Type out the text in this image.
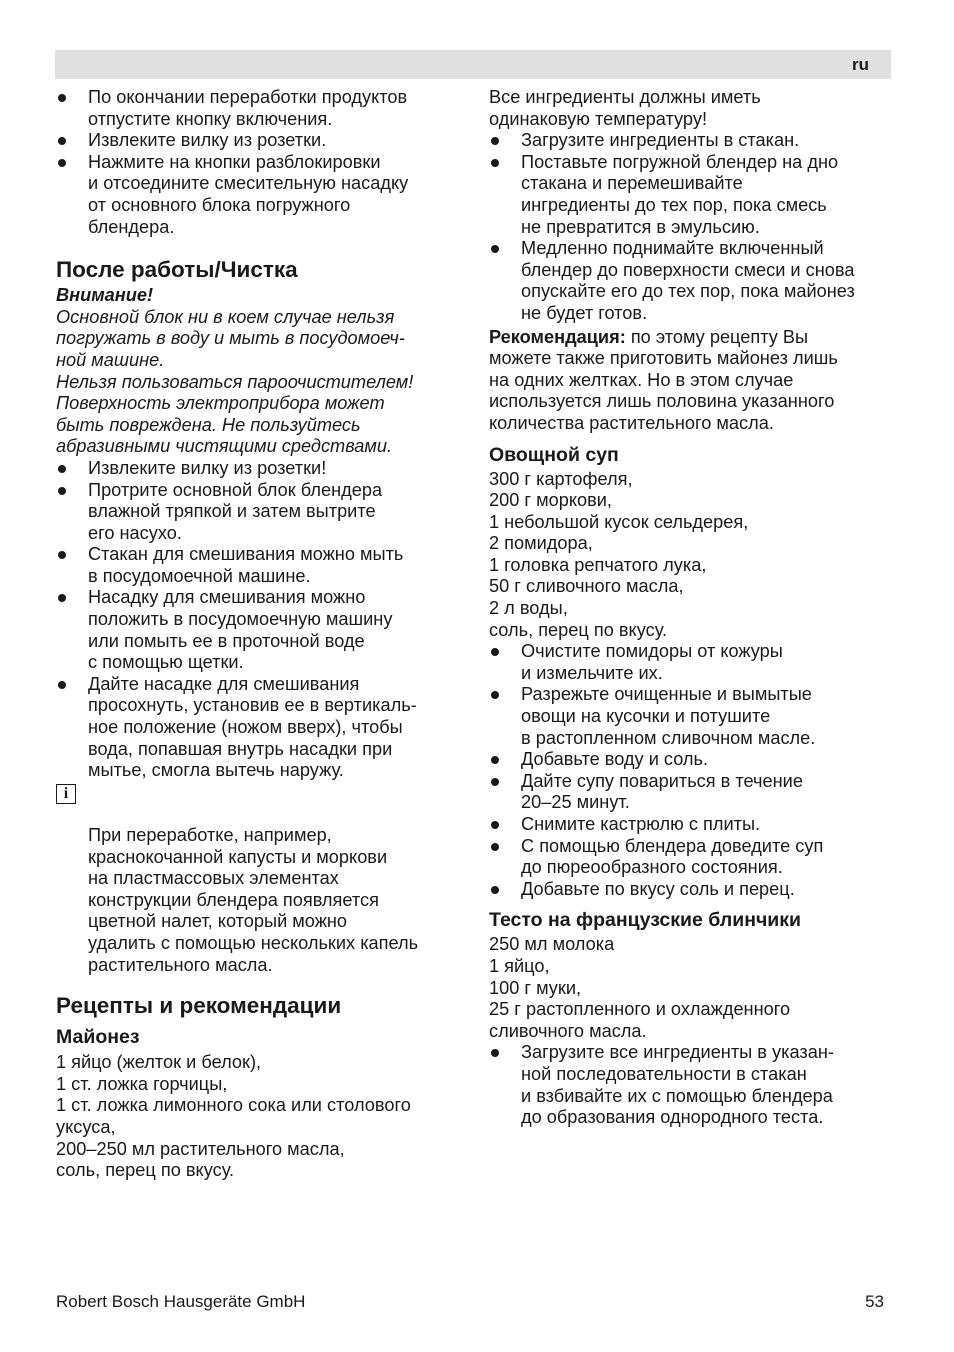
ru
По окончании переработки продуктов
отпустите кнопку включения.
Извлеките вилку из розетки.
Нажмите на кнопки разблокировки
и отсоедините смесительную насадку
от основного блока погружного
блендера.
После работы/Чистка

Внимание!

Основной блок ни в коем случае нельзя
погружать в воду и мыть в посудомоеч-
ной машине.

Нельзя пользоваться пароочистителем!

Поверхность электроприбора может
быть повреждена. Не пользуйтесь
абразивными чистящими средствами.

Извлеките вилку из розетки!
Протрите основной блок блендера
влажной тряпкой и затем вытрите
его насухо.
Стакан для смешивания можно мыть
в посудомоечной машине.
Насадку для смешивания можно
положить в посудомоечную машину
или помыть ее в проточной воде
с помощью щетки.
Дайте насадке для смешивания
просохнуть, установив ее в вертикаль-
ное положение (ножом вверх), чтобы
вода, попавшая внутрь насадки при
мытье, смогла вытечь наружу.

i

При переработке, например,
краснокочанной капусты и моркови
на пластмассовых элементах
конструкции блендера появляется
цветной налет, который можно
удалить с помощью нескольких капель
растительного масла.

Рецепты и рекомендации
Майонез

1 яйцо (желток и белок),

1 ст. ложка горчицы,

1 ст. ложка лимонного сока или столового
уксуса,

200–250 мл растительного масла,

соль, перец по вкусу.

Все ингредиенты должны иметь
одинаковую температуру!

Загрузите ингредиенты в стакан.
Поставьте погружной блендер на дно
стакана и перемешивайте
ингредиенты до тех пор, пока смесь
не превратится в эмульсию.
Медленно поднимайте включенный
блендер до поверхности смеси и снова
опускайте его до тех пор, пока майонез
не будет готов.

Рекомендация: по этому рецепту Вы
можете также приготовить майонез лишь
на одних желтках. Но в этом случае
используется лишь половина указанного
количества растительного масла.

Овощной суп

300 г картофеля,

200 г моркови,

1 небольшой кусок сельдерея,

2 помидора,

1 головка репчатого лука,

50 г сливочного масла,

2 л воды,

соль, перец по вкусу.

Очистите помидоры от кожуры
и измельчите их.
Разрежьте очищенные и вымытые
овощи на кусочки и потушите
в растопленном сливочном масле.
Добавьте воду и соль.
Дайте супу повариться в течение
20–25 минут.
Снимите кастрюлю с плиты.
С помощью блендера доведите суп
до пюреообразного состояния.
Добавьте по вкусу соль и перец.
Тесто на французские блинчики

250 мл молока

1 яйцо,

100 г муки,

25 г растопленного и охлажденного
сливочного масла.

Загрузите все ингредиенты в указан-
ной последовательности в стакан
и взбивайте их с помощью блендера
до образования однородного теста.
Robert Bosch Hausgeräte GmbH	53
